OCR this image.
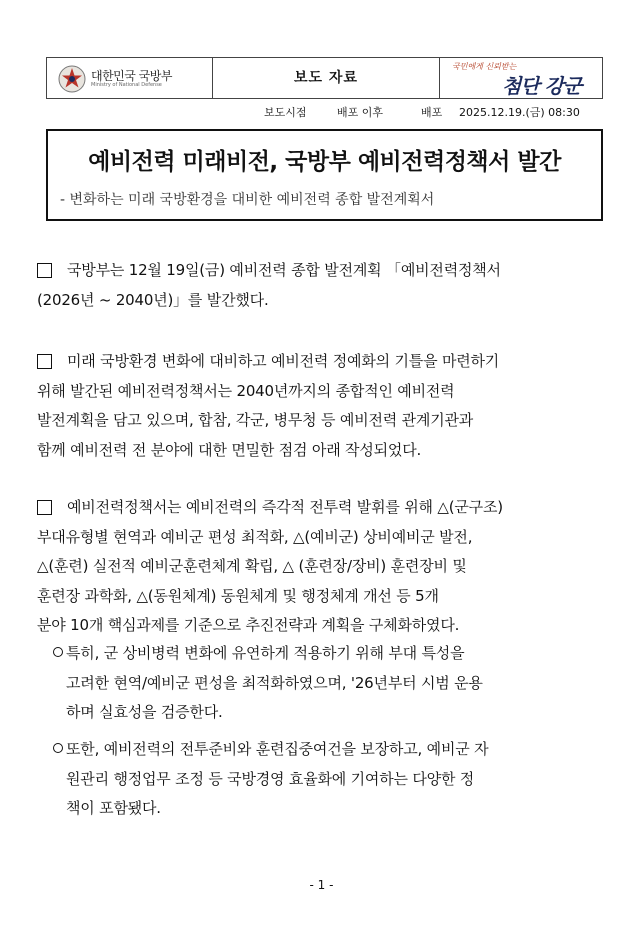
대한민국 국방부
Ministry of National Defense	보도 자료
국민에게 신뢰받는
첨단 강군
보도시점	배포 이후	배포 2025.12.19.(금) 08:30
예비전력 미래비전, 국방부 예비전력정책서 발간
- 변화하는 미래 국방환경을 대비한 예비전력 종합 발전계획서
국방부는 12월 19일(금) 예비전력 종합 발전계획 「예비전력정책서
(2026년 ~ 2040년)」를 발간했다.
미래 국방환경 변화에 대비하고 예비전력 정예화의 기틀을 마련하기
위해 발간된 예비전력정책서는 2040년까지의 종합적인 예비전력
발전계획을 담고 있으며, 합참, 각군, 병무청 등 예비전력 관계기관과
함께 예비전력 전 분야에 대한 면밀한 점검 아래 작성되었다.
예비전력정책서는 예비전력의 즉각적 전투력 발휘를 위해 △(군구조)
부대유형별 현역과 예비군 편성 최적화, △(예비군) 상비예비군 발전,
△(훈련) 실전적 예비군훈련체계 확립, △ (훈련장/장비) 훈련장비 및
훈련장 과학화, △(동원체계) 동원체계 및 행정체계 개선 등 5개
분야 10개 핵심과제를 기준으로 추진전략과 계획을 구체화하였다.
특히, 군 상비병력 변화에 유연하게 적용하기 위해 부대 특성을
고려한 현역/예비군 편성을 최적화하였으며, '26년부터 시범 운용
하며 실효성을 검증한다.
또한, 예비전력의 전투준비와 훈련집중여건을 보장하고, 예비군 자
원관리 행정업무 조정 등 국방경영 효율화에 기여하는 다양한 정
책이 포함됐다.
- 1 -
